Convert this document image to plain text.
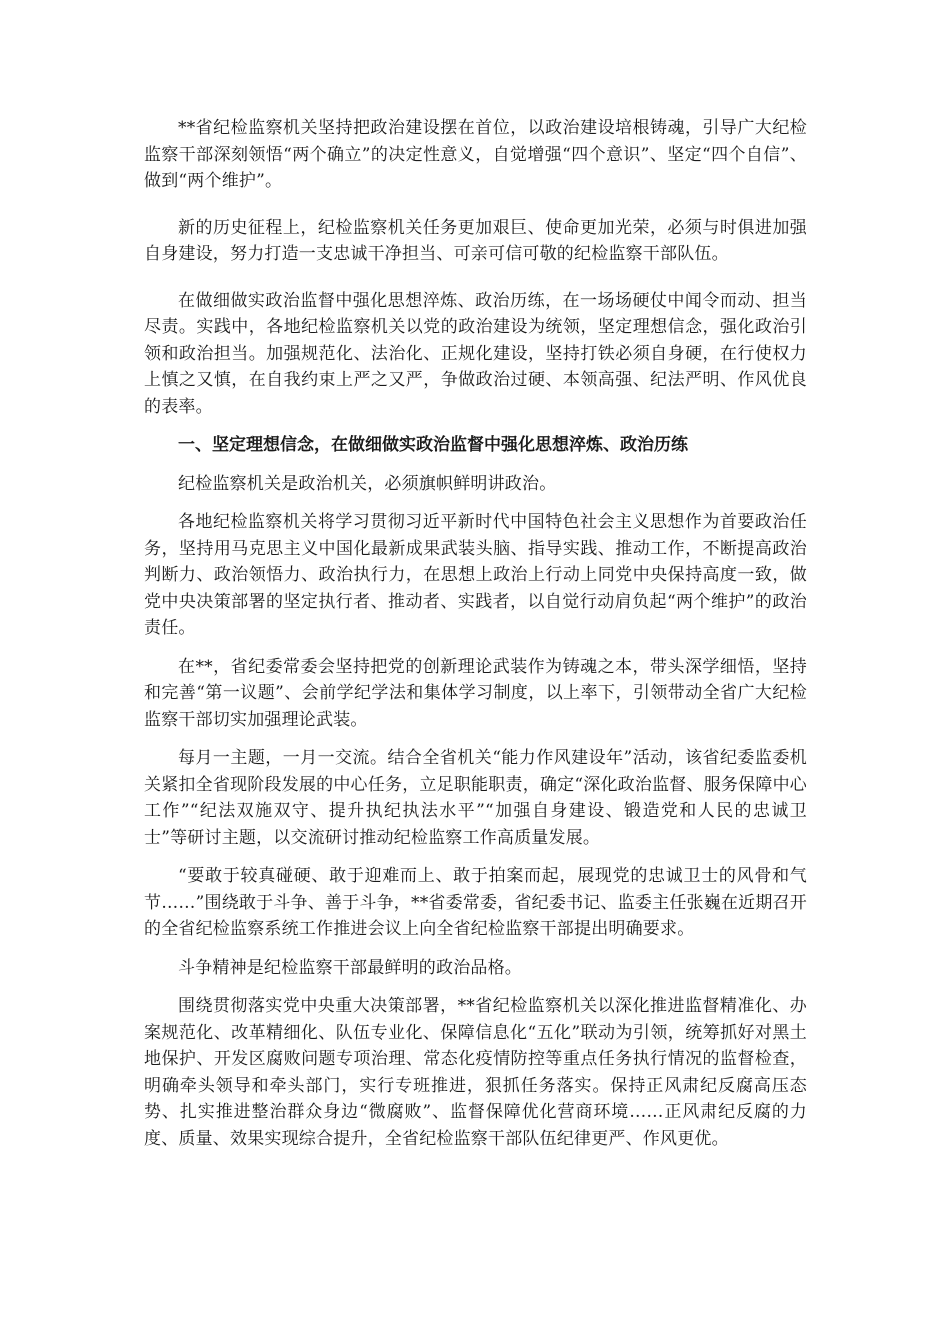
**省纪检监察机关坚持把政治建设摆在首位，以政治建设培根铸魂，引导广大纪检监察干部深刻领悟“两个确立”的决定性意义，自觉增强“四个意识”、坚定“四个自信”、做到“两个维护”。

新的历史征程上，纪检监察机关任务更加艰巨、使命更加光荣，必须与时俱进加强自身建设，努力打造一支忠诚干净担当、可亲可信可敬的纪检监察干部队伍。

在做细做实政治监督中强化思想淬炼、政治历练，在一场场硬仗中闻令而动、担当尽责。实践中，各地纪检监察机关以党的政治建设为统领，坚定理想信念，强化政治引领和政治担当。加强规范化、法治化、正规化建设，坚持打铁必须自身硬，在行使权力上慎之又慎，在自我约束上严之又严，争做政治过硬、本领高强、纪法严明、作风优良的表率。

一、坚定理想信念，在做细做实政治监督中强化思想淬炼、政治历练

纪检监察机关是政治机关，必须旗帜鲜明讲政治。

各地纪检监察机关将学习贯彻习近平新时代中国特色社会主义思想作为首要政治任务，坚持用马克思主义中国化最新成果武装头脑、指导实践、推动工作，不断提高政治判断力、政治领悟力、政治执行力，在思想上政治上行动上同党中央保持高度一致，做党中央决策部署的坚定执行者、推动者、实践者，以自觉行动肩负起“两个维护”的政治责任。

在**，省纪委常委会坚持把党的创新理论武装作为铸魂之本，带头深学细悟，坚持和完善“第一议题”、会前学纪学法和集体学习制度，以上率下，引领带动全省广大纪检监察干部切实加强理论武装。

每月一主题，一月一交流。结合全省机关“能力作风建设年”活动，该省纪委监委机关紧扣全省现阶段发展的中心任务，立足职能职责，确定“深化政治监督、服务保障中心工作”“纪法双施双守、提升执纪执法水平”“加强自身建设、锻造党和人民的忠诚卫士”等研讨主题，以交流研讨推动纪检监察工作高质量发展。

“要敢于较真碰硬、敢于迎难而上、敢于拍案而起，展现党的忠诚卫士的风骨和气节……”围绕敢于斗争、善于斗争，**省委常委，省纪委书记、监委主任张巍在近期召开的全省纪检监察系统工作推进会议上向全省纪检监察干部提出明确要求。

斗争精神是纪检监察干部最鲜明的政治品格。

围绕贯彻落实党中央重大决策部署，**省纪检监察机关以深化推进监督精准化、办案规范化、改革精细化、队伍专业化、保障信息化“五化”联动为引领，统筹抓好对黑土地保护、开发区腐败问题专项治理、常态化疫情防控等重点任务执行情况的监督检查，明确牵头领导和牵头部门，实行专班推进，狠抓任务落实。保持正风肃纪反腐高压态势、扎实推进整治群众身边“微腐败”、监督保障优化营商环境……正风肃纪反腐的力度、质量、效果实现综合提升，全省纪检监察干部队伍纪律更严、作风更优。
